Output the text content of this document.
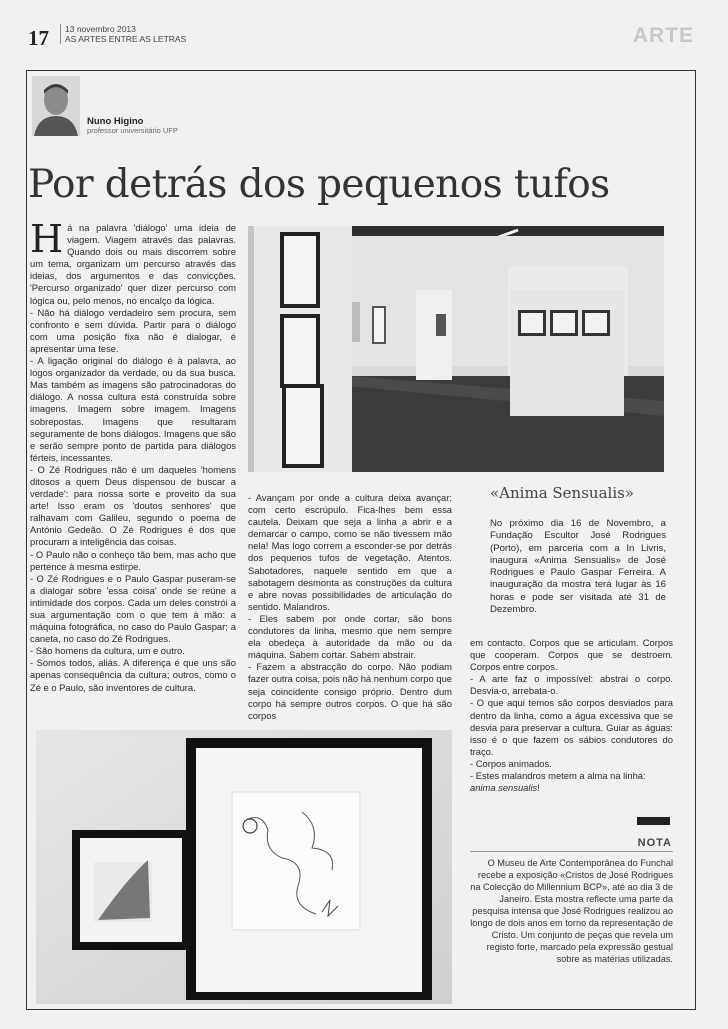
17 13 novembro 2013
AS ARTES ENTRE AS LETRAS	ARTE
Nuno Higino
professor universitário UFP
Por detrás dos pequenos tufos
H á na palavra 'diálogo' uma ideia de viagem. Viagem através das palavras. Quando dois ou mais discorrem sobre um tema, organizam um percurso através das ideias, dos argumentos e das convicções. 'Percurso organizado' quer dizer percurso com lógica ou, pelo menos, no encalço da lógica.

- Não há diálogo verdadeiro sem procura, sem confronto e sem dúvida. Partir para o diálogo com uma posição fixa não é dialogar, é apresentar uma tese.

- A ligação original do diálogo é à palavra, ao logos organizador da verdade, ou da sua busca. Mas também as imagens são patrocinadoras do diálogo. A nossa cultura está construída sobre imagens. Imagem sobre imagem. Imagens sobrepostas. Imagens que resultaram seguramente de bons diálogos. Imagens que são e serão sempre ponto de partida para diálogos férteis, incessantes.

- O Zé Rodrigues não é um daqueles 'homens ditosos a quem Deus dispensou de buscar a verdade': para nossa sorte e proveito da sua arte! Isso eram os 'doutos senhores' que ralhavam com Galileu, segundo o poema de António Gedeão. O Zé Rodrigues é dos que procuram a inteligência das coisas.

- O Paulo não o conheço tão bem, mas acho que pertence à mesma estirpe.

- O Zé Rodrigues e o Paulo Gaspar puseram-se a dialogar sobre 'essa coisa' onde se reúne a intimidade dos corpos. Cada um deles constrói a sua argumentação com o que tem à mão: a máquina fotográfica, no caso do Paulo Gaspar; a caneta, no caso do Zé Rodrigues.

- São homens da cultura, um e outro.

- Somos todos, aliás. A diferença é que uns são apenas consequência da cultura; outros, como o Zé e o Paulo, são inventores de cultura.

«Anima Sensualis»
No próximo dia 16 de Novembro, a Fundação Escultor José Rodrigues (Porto), em parceria com a In Livris, inaugura «Anima Sensualis» de José Rodrigues e Paulo Gaspar Ferreira. A inauguração da mostra terá lugar às 16 horas e pode ser visitada até 31 de Dezembro.

- Avançam por onde a cultura deixa avançar: com certo escrúpulo. Fica-lhes bem essa cautela. Deixam que seja a linha a abrir e a demarcar o campo, como se não tivessem mão nela! Mas logo correm a esconder-se por detrás dos pequenos tufos de vegetação. Atentos. Sabotadores, naquele sentido em que a sabotagem desmonta as construções da cultura e abre novas possibilidades de articulação do sentido. Malandros.

- Eles sabem por onde cortar, são bons condutores da linha, mesmo que nem sempre ela obedeça à autoridade da mão ou da máquina. Sabem cortar. Sabem abstrair.

- Fazem a abstracção do corpo. Não podiam fazer outra coisa, pois não há nenhum corpo que seja coincidente consigo próprio. Dentro dum corpo há sempre outros corpos. O que há são corpos

em contacto. Corpos que se articulam. Corpos que cooperam. Corpos que se destroem. Corpos entre corpos.

- A arte faz o impossível: abstrai o corpo. Desvia-o, arrebata-o.

- O que aqui temos são corpos desviados para dentro da linha, como a água excessiva que se desvia para preservar a cultura. Guiar as águas: isso é o que fazem os sábios condutores do traço.

- Corpos animados.

- Estes malandros metem a alma na linha: anima sensualis!

NOTA
O Museu de Arte Contemporânea do Funchal recebe a exposição «Cristos de José Rodrigues na Colecção do Millennium BCP», até ao dia 3 de Janeiro. Esta mostra reflecte uma parte da pesquisa intensa que José Rodrigues realizou ao longo de dois anos em torno da representação de Cristo. Um conjunto de peças que revela um registo forte, marcado pela expressão gestual sobre as matérias utilizadas.
